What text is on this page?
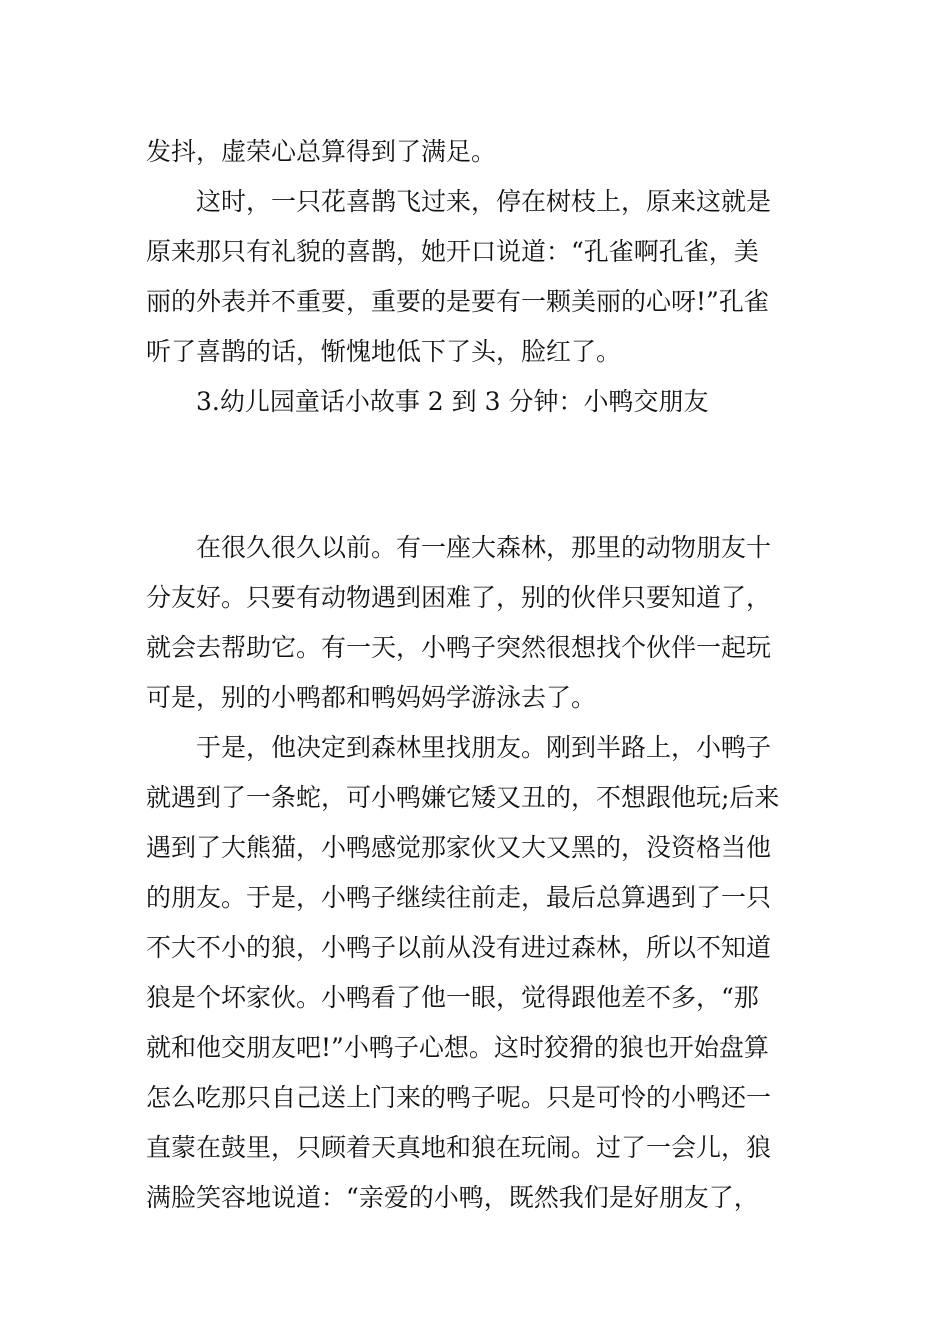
发抖，虚荣心总算得到了满足。

这时，一只花喜鹊飞过来，停在树枝上，原来这就是

原来那只有礼貌的喜鹊，她开口说道：“孔雀啊孔雀，美

丽的外表并不重要，重要的是要有一颗美丽的心呀!”孔雀

听了喜鹊的话，惭愧地低下了头，脸红了。

3.幼儿园童话小故事 2 到 3 分钟：小鸭交朋友

在很久很久以前。有一座大森林，那里的动物朋友十

分友好。只要有动物遇到困难了，别的伙伴只要知道了，

就会去帮助它。有一天，小鸭子突然很想找个伙伴一起玩

可是，别的小鸭都和鸭妈妈学游泳去了。

于是，他决定到森林里找朋友。刚到半路上，小鸭子

就遇到了一条蛇，可小鸭嫌它矮又丑的，不想跟他玩;后来

遇到了大熊猫，小鸭感觉那家伙又大又黑的，没资格当他

的朋友。于是，小鸭子继续往前走，最后总算遇到了一只

不大不小的狼，小鸭子以前从没有进过森林，所以不知道

狼是个坏家伙。小鸭看了他一眼，觉得跟他差不多，“那

就和他交朋友吧!”小鸭子心想。这时狡猾的狼也开始盘算

怎么吃那只自己送上门来的鸭子呢。只是可怜的小鸭还一

直蒙在鼓里，只顾着天真地和狼在玩闹。过了一会儿，狼

满脸笑容地说道：“亲爱的小鸭，既然我们是好朋友了，
